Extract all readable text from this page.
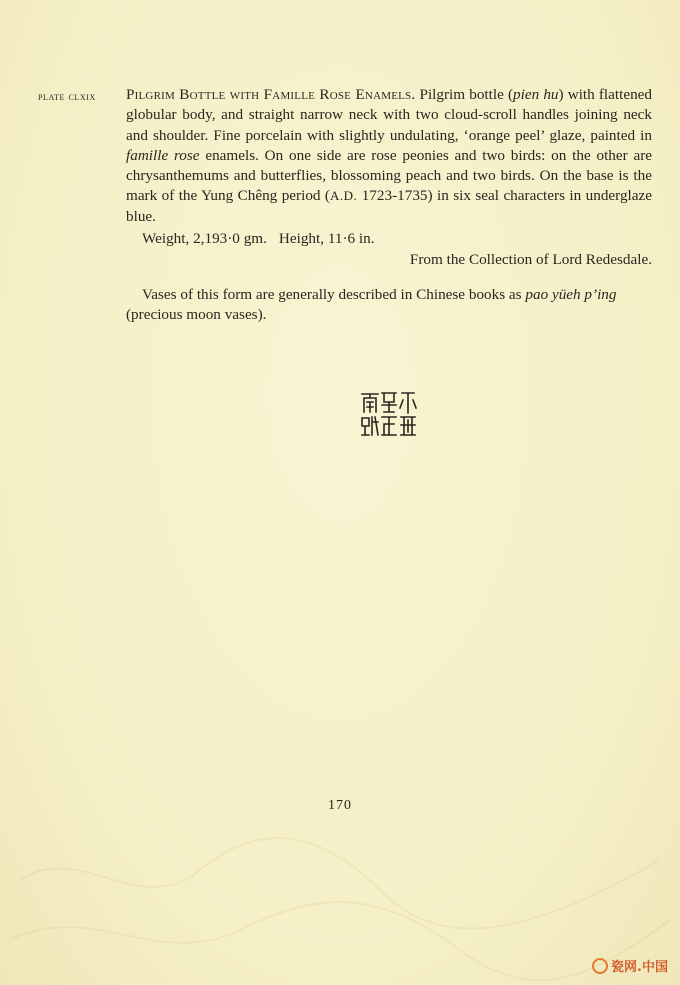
plate clxix Pilgrim Bottle with Famille Rose Enamels. Pilgrim bottle (pien hu) with flattened globular body, and straight narrow neck with two cloud-scroll handles joining neck and shoulder. Fine porcelain with slightly undulating, ‘orange peel’ glaze, painted in famille rose enamels. On one side are rose peonies and two birds: on the other are chrysanthemums and butterflies, blossoming peach and two birds. On the base is the mark of the Yung Chêng period (A.D. 1723-1735) in six seal characters in underglaze blue.

Weight, 2,193·0 gm. Height, 11·6 in.
From the Collection of Lord Redesdale.

Vases of this form are generally described in Chinese books as pao yüeh p’ing (precious moon vases).

170
瓷网.中国
